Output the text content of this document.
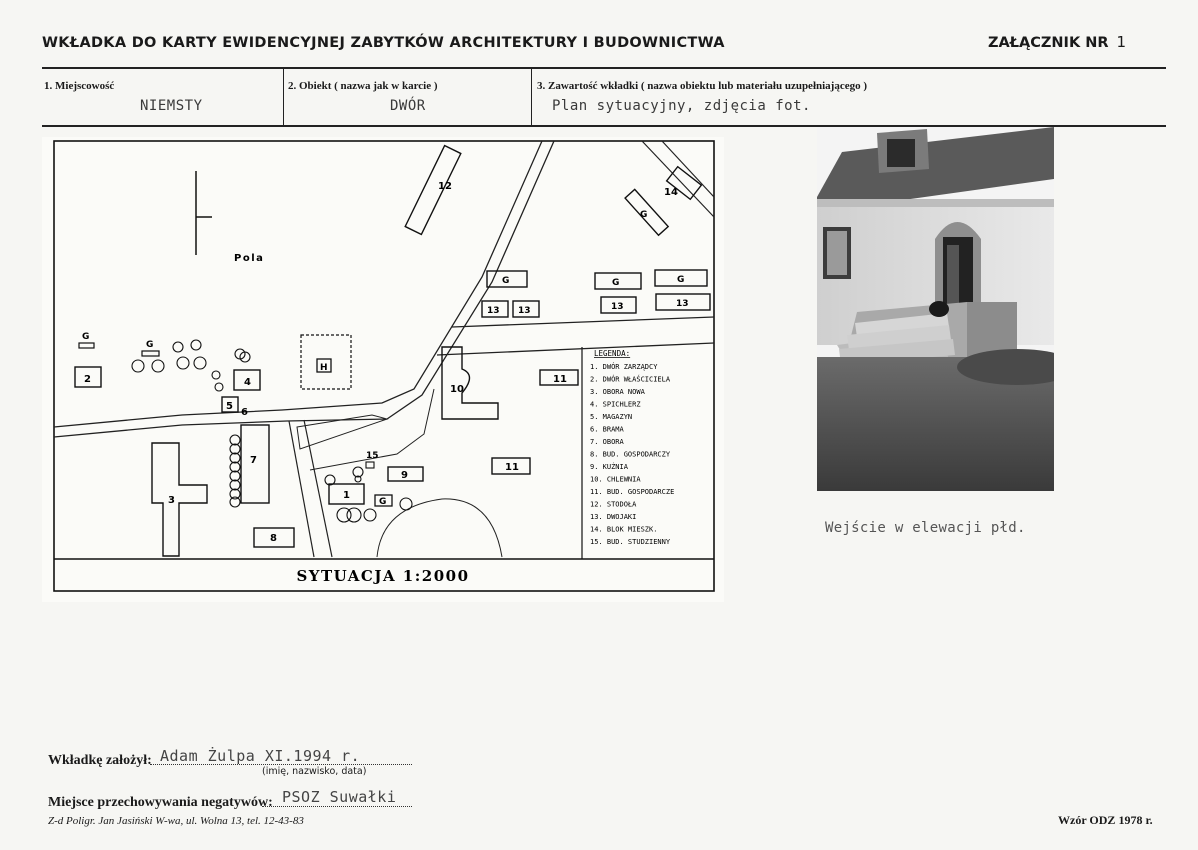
WKŁADKA DO KARTY EWIDENCYJNEJ ZABYTKÓW ARCHITEKTURY I BUDOWNICTWA	ZAŁĄCZNIK NR 1
1. Miejscowość
NIEMSTY
2. Obiekt ( nazwa jak w karcie )
DWÓR
3. Zawartość wkładki ( nazwa obiektu lub materiału uzupełniającego )
Plan sytuacyjny, zdjęcia fot.
Pola
12
14
G
G	G	G
13 13	13	13
G
G
2	4
5
6
H
3
7
8
1
15
9
G
10
11
11
LEGENDA:
1. DWÓR ZARZĄDCY
2. DWÓR WŁAŚCICIELA
3. OBORA NOWA
4. SPICHLERZ
5. MAGAZYN
6. BRAMA
7. OBORA
8. BUD. GOSPODARCZY
9. KUŹNIA
10. CHLEWNIA
11. BUD. GOSPODARCZE
12. STODOŁA
13. DWOJAKI
14. BLOK MIESZK.
15. BUD. STUDZIENNY
SYTUACJA 1:2000
Wejście w elewacji płd.
Wkładkę założył: Adam Żulpa XI.1994 r.
(imię, nazwisko, data)
Miejsce przechowywania negatywów: PSOZ Suwałki
Z-d Poligr. Jan Jasiński W-wa, ul. Wolna 13, tel. 12-43-83	Wzór ODZ 1978 r.
